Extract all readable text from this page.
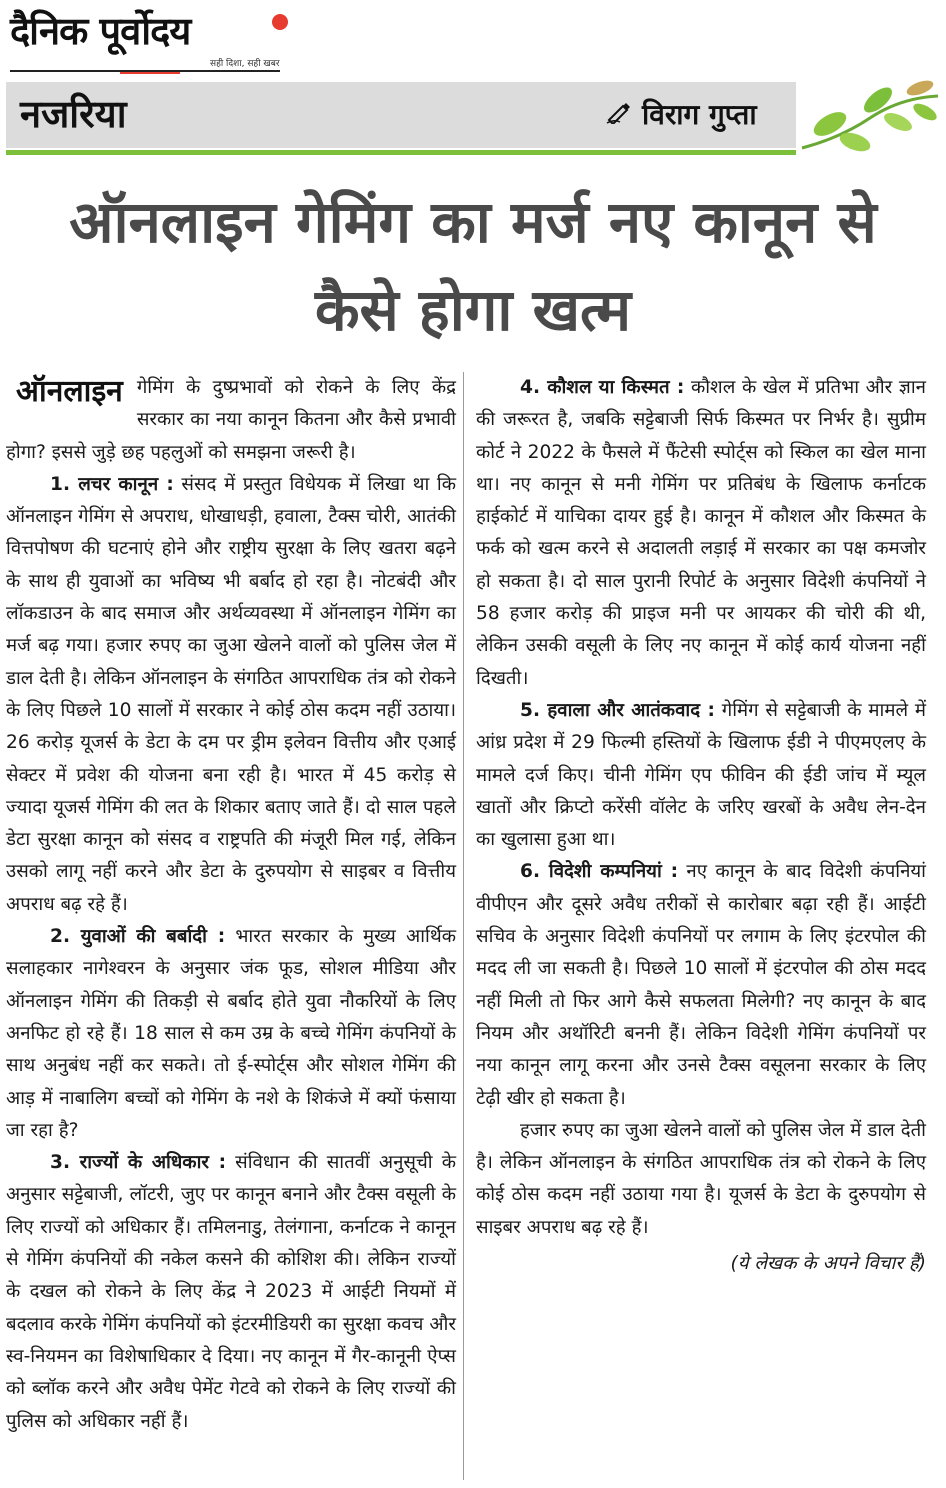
दैनिक पूर्वोदय
सही दिशा, सही खबर
नजरिया	विराग गुप्ता
ऑनलाइन गेमिंग का मर्ज नए कानून से कैसे होगा खत्म

ऑनलाइन गेमिंग के दुष्प्रभावों को रोकने के लिए केंद्र सरकार का नया कानून कितना और कैसे प्रभावी होगा? इससे जुड़े छह पहलुओं को समझना जरूरी है।

1. लचर कानून : संसद में प्रस्तुत विधेयक में लिखा था कि ऑनलाइन गेमिंग से अपराध, धोखाधड़ी, हवाला, टैक्स चोरी, आतंकी वित्तपोषण की घटनाएं होने और राष्ट्रीय सुरक्षा के लिए खतरा बढ़ने के साथ ही युवाओं का भविष्य भी बर्बाद हो रहा है। नोटबंदी और लॉकडाउन के बाद समाज और अर्थव्यवस्था में ऑनलाइन गेमिंग का मर्ज बढ़ गया। हजार रुपए का जुआ खेलने वालों को पुलिस जेल में डाल देती है। लेकिन ऑनलाइन के संगठित आपराधिक तंत्र को रोकने के लिए पिछले 10 सालों में सरकार ने कोई ठोस कदम नहीं उठाया। 26 करोड़ यूजर्स के डेटा के दम पर ड्रीम इलेवन वित्तीय और एआई सेक्टर में प्रवेश की योजना बना रही है। भारत में 45 करोड़ से ज्यादा यूजर्स गेमिंग की लत के शिकार बताए जाते हैं। दो साल पहले डेटा सुरक्षा कानून को संसद व राष्ट्रपति की मंजूरी मिल गई, लेकिन उसको लागू नहीं करने और डेटा के दुरुपयोग से साइबर व वित्तीय अपराध बढ़ रहे हैं।

2. युवाओं की बर्बादी : भारत सरकार के मुख्य आर्थिक सलाहकार नागेश्वरन के अनुसार जंक फूड, सोशल मीडिया और ऑनलाइन गेमिंग की तिकड़ी से बर्बाद होते युवा नौकरियों के लिए अनफिट हो रहे हैं। 18 साल से कम उम्र के बच्चे गेमिंग कंपनियों के साथ अनुबंध नहीं कर सकते। तो ई-स्पोर्ट्स और सोशल गेमिंग की आड़ में नाबालिग बच्चों को गेमिंग के नशे के शिकंजे में क्यों फंसाया जा रहा है?

3. राज्यों के अधिकार : संविधान की सातवीं अनुसूची के अनुसार सट्टेबाजी, लॉटरी, जुए पर कानून बनाने और टैक्स वसूली के लिए राज्यों को अधिकार हैं। तमिलनाडु, तेलंगाना, कर्नाटक ने कानून से गेमिंग कंपनियों की नकेल कसने की कोशिश की। लेकिन राज्यों के दखल को रोकने के लिए केंद्र ने 2023 में आईटी नियमों में बदलाव करके गेमिंग कंपनियों को इंटरमीडियरी का सुरक्षा कवच और स्व-नियमन का विशेषाधिकार दे दिया। नए कानून में गैर-कानूनी ऐप्स को ब्लॉक करने और अवैध पेमेंट गेटवे को रोकने के लिए राज्यों की पुलिस को अधिकार नहीं हैं।

4. कौशल या किस्मत : कौशल के खेल में प्रतिभा और ज्ञान की जरूरत है, जबकि सट्टेबाजी सिर्फ किस्मत पर निर्भर है। सुप्रीम कोर्ट ने 2022 के फैसले में फैंटेसी स्पोर्ट्स को स्किल का खेल माना था। नए कानून से मनी गेमिंग पर प्रतिबंध के खिलाफ कर्नाटक हाईकोर्ट में याचिका दायर हुई है। कानून में कौशल और किस्मत के फर्क को खत्म करने से अदालती लड़ाई में सरकार का पक्ष कमजोर हो सकता है। दो साल पुरानी रिपोर्ट के अनुसार विदेशी कंपनियों ने 58 हजार करोड़ की प्राइज मनी पर आयकर की चोरी की थी, लेकिन उसकी वसूली के लिए नए कानून में कोई कार्य योजना नहीं दिखती।

5. हवाला और आतंकवाद : गेमिंग से सट्टेबाजी के मामले में आंध्र प्रदेश में 29 फिल्मी हस्तियों के खिलाफ ईडी ने पीएमएलए के मामले दर्ज किए। चीनी गेमिंग एप फीविन की ईडी जांच में म्यूल खातों और क्रिप्टो करेंसी वॉलेट के जरिए खरबों के अवैध लेन-देन का खुलासा हुआ था।

6. विदेशी कम्पनियां : नए कानून के बाद विदेशी कंपनियां वीपीएन और दूसरे अवैध तरीकों से कारोबार बढ़ा रही हैं। आईटी सचिव के अनुसार विदेशी कंपनियों पर लगाम के लिए इंटरपोल की मदद ली जा सकती है। पिछले 10 सालों में इंटरपोल की ठोस मदद नहीं मिली तो फिर आगे कैसे सफलता मिलेगी? नए कानून के बाद नियम और अथॉरिटी बननी हैं। लेकिन विदेशी गेमिंग कंपनियों पर नया कानून लागू करना और उनसे टैक्स वसूलना सरकार के लिए टेढ़ी खीर हो सकता है।

हजार रुपए का जुआ खेलने वालों को पुलिस जेल में डाल देती है। लेकिन ऑनलाइन के संगठित आपराधिक तंत्र को रोकने के लिए कोई ठोस कदम नहीं उठाया गया है। यूजर्स के डेटा के दुरुपयोग से साइबर अपराध बढ़ रहे हैं।

(ये लेखक के अपने विचार हैं)
